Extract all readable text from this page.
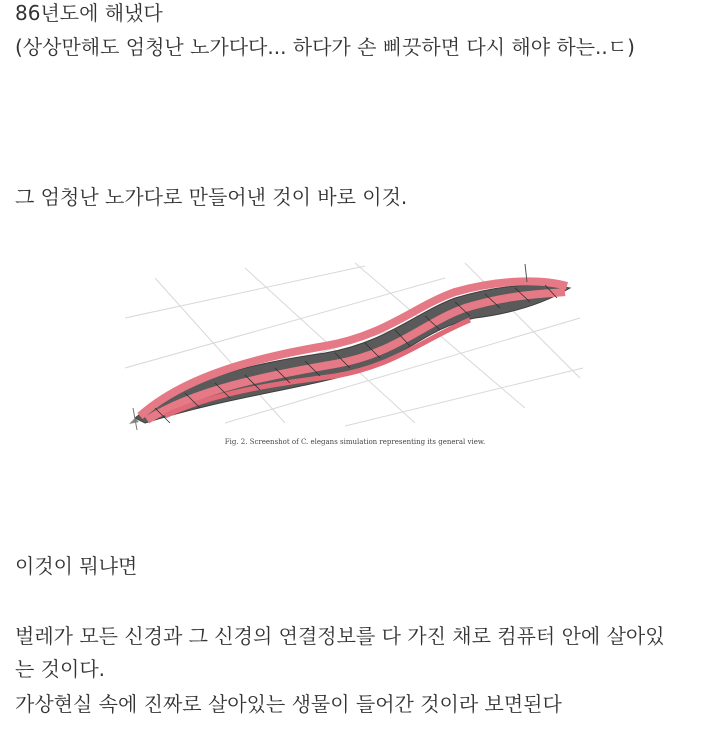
86년도에 해냈다
(상상만해도 엄청난 노가다다... 하다가 손 삐끗하면 다시 해야 하는..ㄷ)
그 엄청난 노가다로 만들어낸 것이 바로 이것.
Fig. 2. Screenshot of C. elegans simulation representing its general view.
이것이 뭐냐면
벌레가 모든 신경과 그 신경의 연결정보를 다 가진 채로 컴퓨터 안에 살아있
는 것이다.
가상현실 속에 진짜로 살아있는 생물이 들어간 것이라 보면된다
